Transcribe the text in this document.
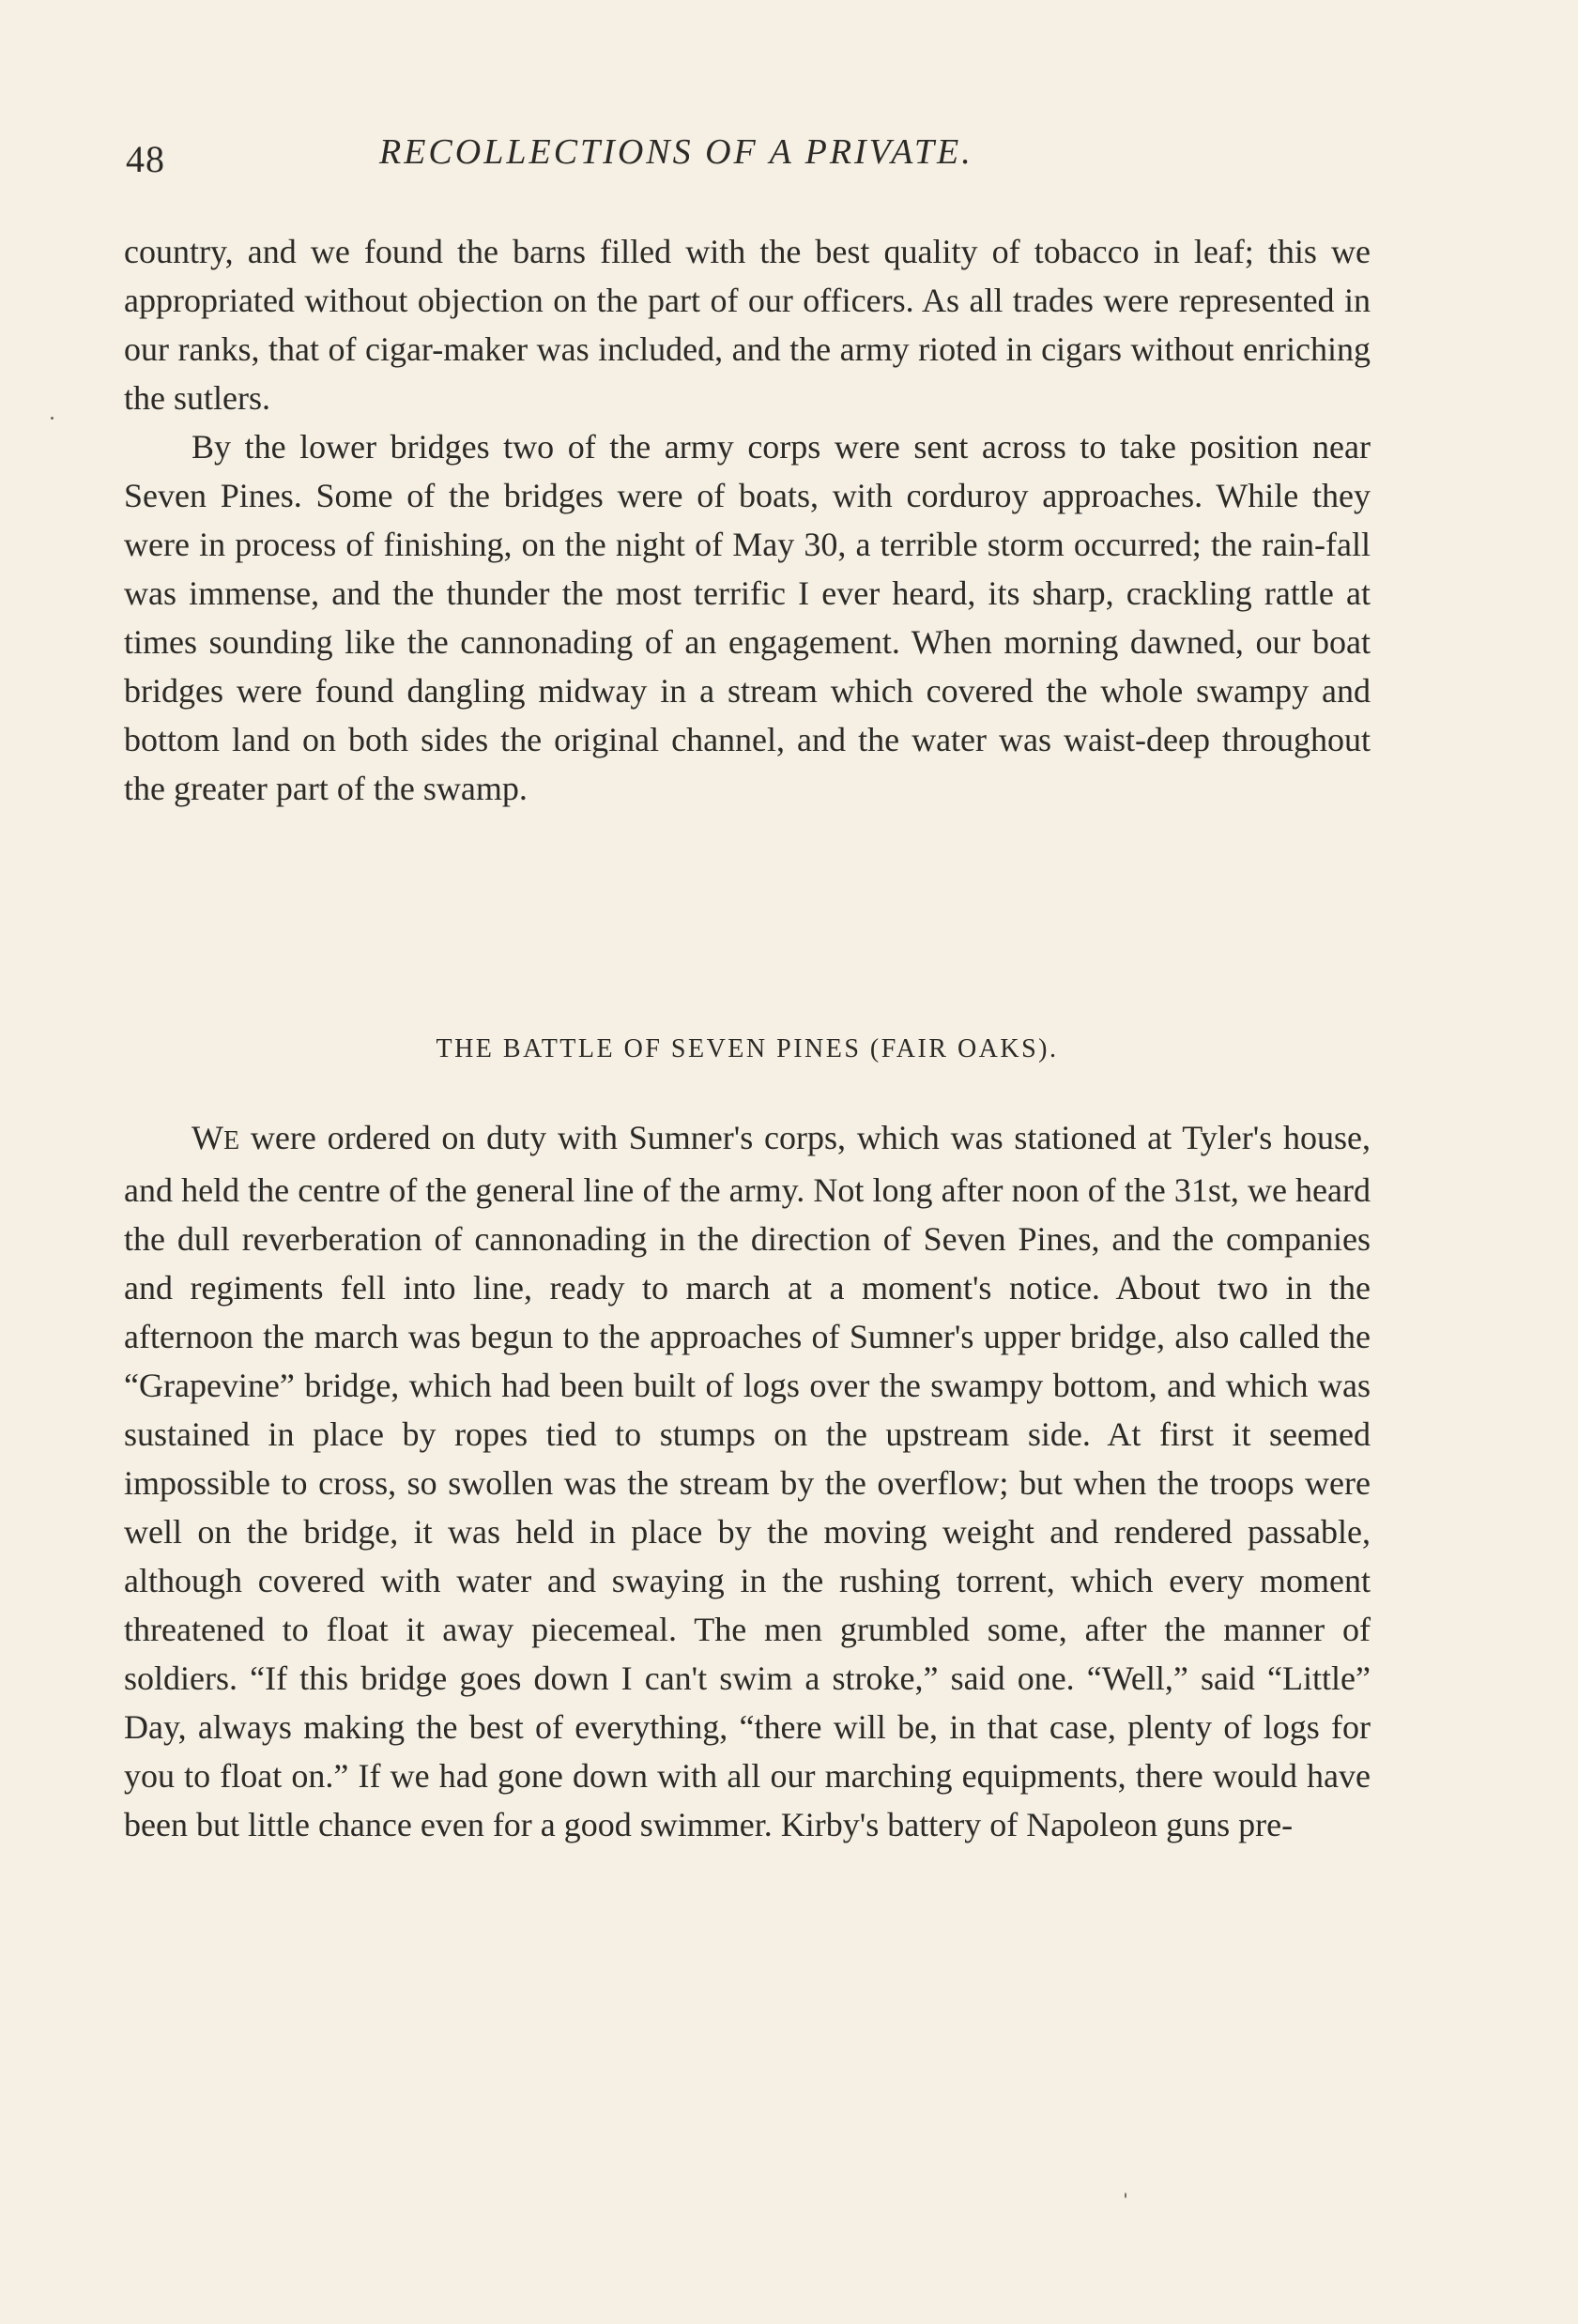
48	RECOLLECTIONS OF A PRIVATE.

country, and we found the barns filled with the best quality of tobacco in leaf; this we appropriated without objection on the part of our officers. As all trades were represented in our ranks, that of cigar-maker was included, and the army rioted in cigars without enriching the sutlers.

By the lower bridges two of the army corps were sent across to take position near Seven Pines. Some of the bridges were of boats, with corduroy approaches. While they were in process of finishing, on the night of May 30, a terrible storm occurred; the rain-fall was immense, and the thunder the most terrific I ever heard, its sharp, crackling rattle at times sounding like the cannonading of an engagement. When morning dawned, our boat bridges were found dangling midway in a stream which covered the whole swampy and bottom land on both sides the original channel, and the water was waist-deep throughout the greater part of the swamp.

THE BATTLE OF SEVEN PINES (FAIR OAKS).

WE were ordered on duty with Sumner's corps, which was stationed at Tyler's house, and held the centre of the general line of the army. Not long after noon of the 31st, we heard the dull reverberation of cannonading in the direction of Seven Pines, and the companies and regiments fell into line, ready to march at a moment's notice. About two in the afternoon the march was begun to the approaches of Sumner's upper bridge, also called the “Grapevine” bridge, which had been built of logs over the swampy bottom, and which was sustained in place by ropes tied to stumps on the upstream side. At first it seemed impossible to cross, so swollen was the stream by the overflow; but when the troops were well on the bridge, it was held in place by the moving weight and rendered passable, although covered with water and swaying in the rushing torrent, which every moment threatened to float it away piecemeal. The men grumbled some, after the manner of soldiers. “If this bridge goes down I can't swim a stroke,” said one. “Well,” said “Little” Day, always making the best of everything, “there will be, in that case, plenty of logs for you to float on.” If we had gone down with all our marching equipments, there would have been but little chance even for a good swimmer. Kirby's battery of Napoleon guns pre-
